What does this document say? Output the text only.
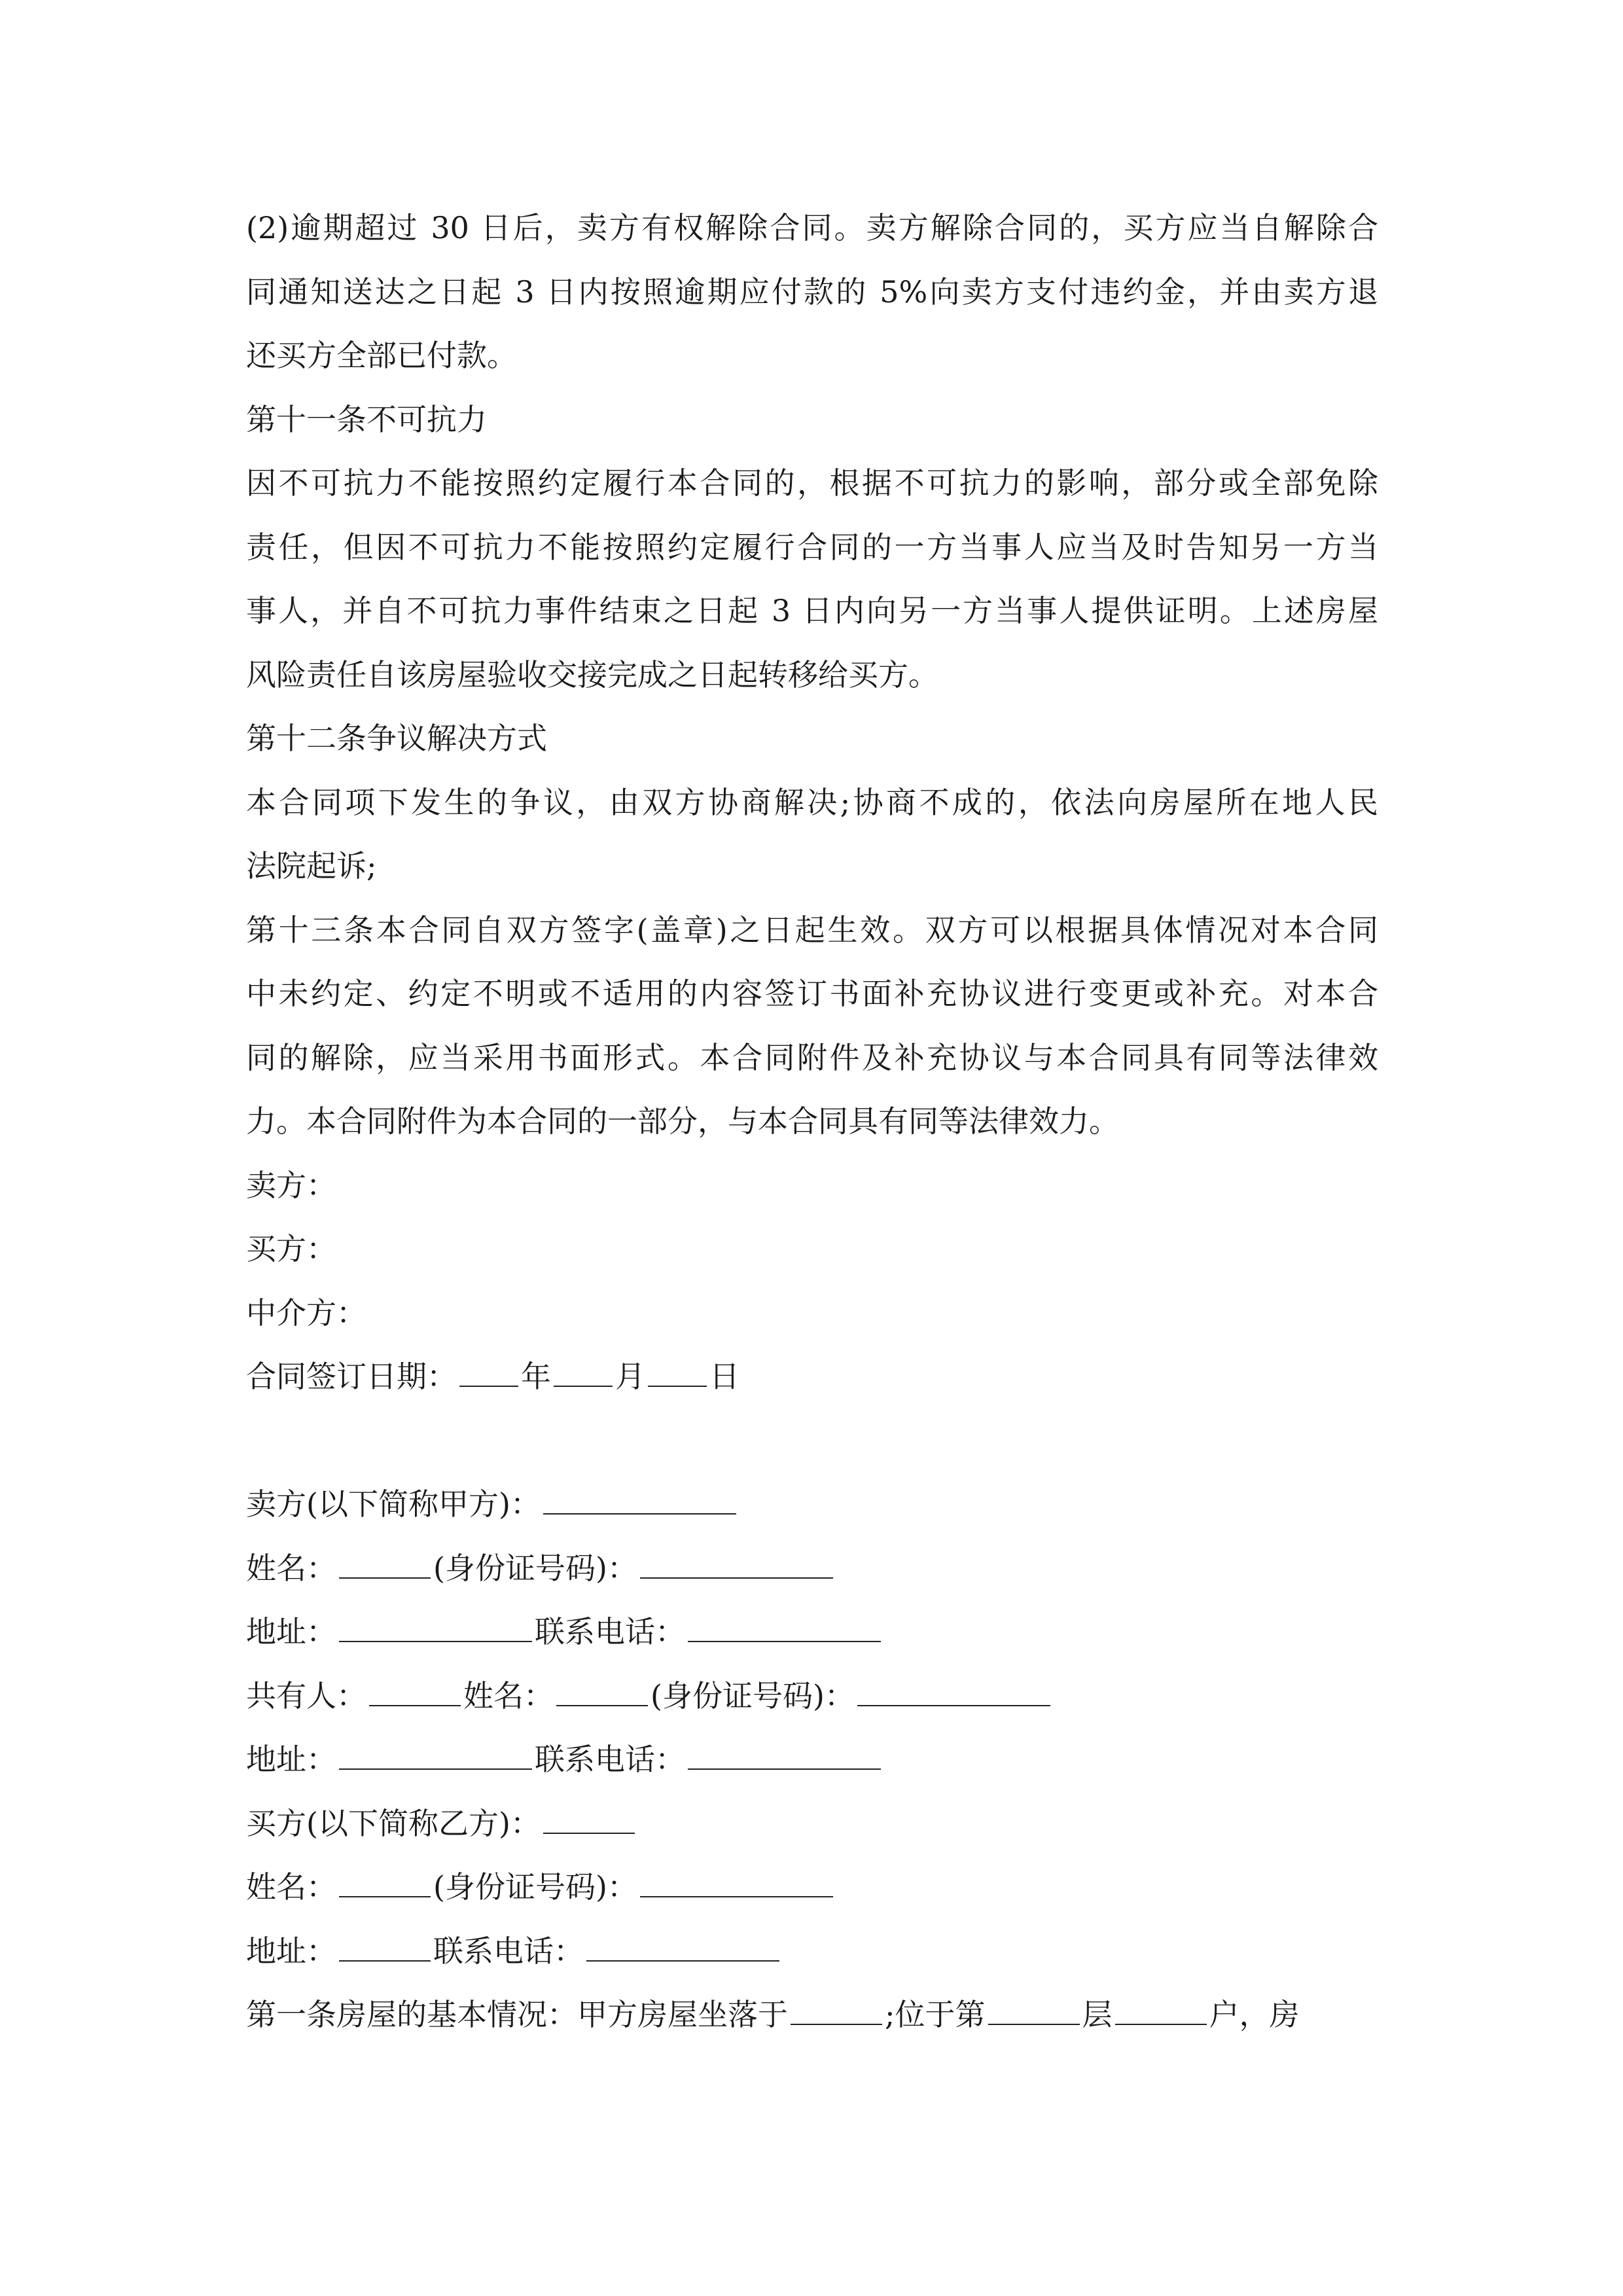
(2)逾期超过 30 日后，卖方有权解除合同。卖方解除合同的，买方应当自解除合
同通知送达之日起 3 日内按照逾期应付款的 5%向卖方支付违约金，并由卖方退
还买方全部已付款。
第十一条不可抗力
因不可抗力不能按照约定履行本合同的，根据不可抗力的影响，部分或全部免除
责任，但因不可抗力不能按照约定履行合同的一方当事人应当及时告知另一方当
事人，并自不可抗力事件结束之日起 3 日内向另一方当事人提供证明。上述房屋
风险责任自该房屋验收交接完成之日起转移给买方。
第十二条争议解决方式
本合同项下发生的争议，由双方协商解决;协商不成的，依法向房屋所在地人民
法院起诉;
第十三条本合同自双方签字(盖章)之日起生效。双方可以根据具体情况对本合同
中未约定、约定不明或不适用的内容签订书面补充协议进行变更或补充。对本合
同的解除，应当采用书面形式。本合同附件及补充协议与本合同具有同等法律效
力。本合同附件为本合同的一部分，与本合同具有同等法律效力。
卖方：
买方：
中介方：
合同签订日期： 年 月 日
卖方(以下简称甲方)：
姓名：	(身份证号码)：
地址：	联系电话：
共有人：	姓名：	(身份证号码)：
地址：	联系电话：
买方(以下简称乙方)：
姓名：	(身份证号码)：
地址：	联系电话：
第一条房屋的基本情况：甲方房屋坐落于	;位于第	层	户，房
